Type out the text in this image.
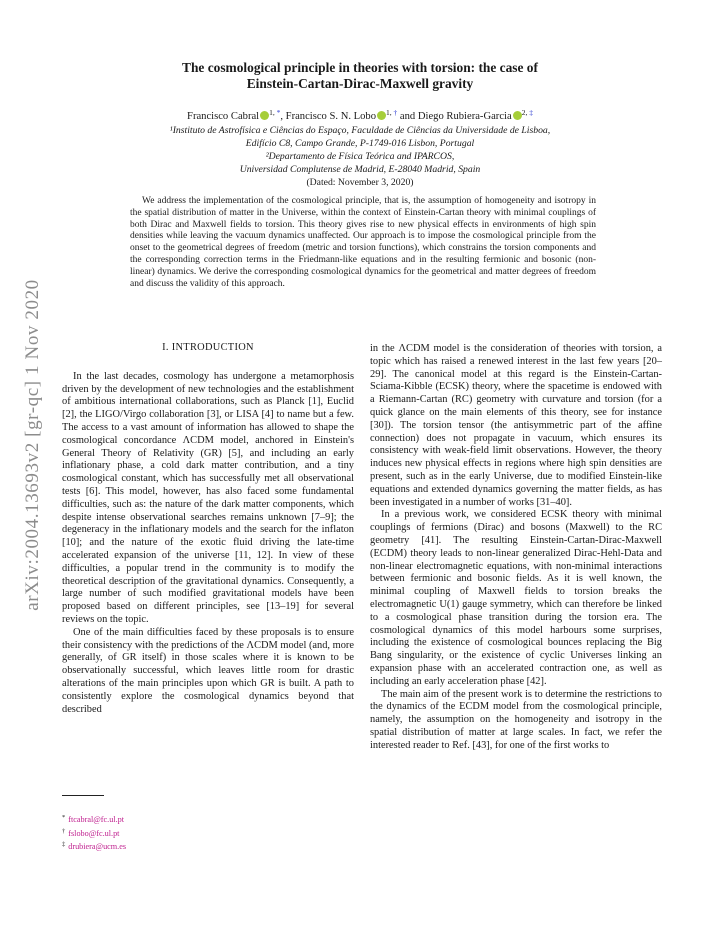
arXiv:2004.13693v2 [gr-qc] 1 Nov 2020
The cosmological principle in theories with torsion: the case of
Einstein-Cartan-Dirac-Maxwell gravity
Francisco Cabral $^{1, *}$, Francisco S. N. Lobo $^{1, \dagger}$ and Diego Rubiera-Garcia $^{2, \ddagger}$
¹Instituto de Astrofísica e Ciências do Espaço, Faculdade de Ciências da Universidade de Lisboa,
Edifício C8, Campo Grande, P-1749-016 Lisbon, Portugal
²Departamento de Física Teórica and IPARCOS,
Universidad Complutense de Madrid, E-28040 Madrid, Spain
(Dated: November 3, 2020)
We address the implementation of the cosmological principle, that is, the assumption of homogeneity and isotropy in the spatial distribution of matter in the Universe, within the context of Einstein-Cartan theory with minimal couplings of both Dirac and Maxwell fields to torsion. This theory gives rise to new physical effects in environments of high spin densities while leaving the vacuum dynamics unaffected. Our approach is to impose the cosmological principle from the onset to the geometrical degrees of freedom (metric and torsion functions), which constrains the torsion components and the corresponding correction terms in the Friedmann-like equations and in the resulting fermionic and bosonic (non-linear) dynamics. We derive the corresponding cosmological dynamics for the geometrical and matter degrees of freedom and discuss the validity of this approach.
I. INTRODUCTION

In the last decades, cosmology has undergone a metamorphosis driven by the development of new technologies and the establishment of ambitious international collaborations, such as Planck [1], Euclid [2], the LIGO/Virgo collaboration [3], or LISA [4] to name but a few. The access to a vast amount of information has allowed to shape the cosmological concordance ΛCDM model, anchored in Einstein's General Theory of Relativity (GR) [5], and including an early inflationary phase, a cold dark matter contribution, and a tiny cosmological constant, which has successfully met all observational tests [6]. This model, however, has also faced some fundamental difficulties, such as: the nature of the dark matter components, which despite intense observational searches remains unknown [7–9]; the degeneracy in the inflationary models and the search for the inflaton [10]; and the nature of the exotic fluid driving the late-time accelerated expansion of the universe [11, 12]. In view of these difficulties, a popular trend in the community is to modify the theoretical description of the gravitational dynamics. Consequently, a large number of such modified gravitational models have been proposed based on different principles, see [13–19] for several reviews on the topic.

One of the main difficulties faced by these proposals is to ensure their consistency with the predictions of the ΛCDM model (and, more generally, of GR itself) in those scales where it is known to be observationally successful, which leaves little room for drastic alterations of the main principles upon which GR is built. A path to consistently explore the cosmological dynamics beyond that described

in the ΛCDM model is the consideration of theories with torsion, a topic which has raised a renewed interest in the last few years [20–29]. The canonical model at this regard is the Einstein-Cartan-Sciama-Kibble (ECSK) theory, where the spacetime is endowed with a Riemann-Cartan (RC) geometry with curvature and torsion (for a quick glance on the main elements of this theory, see for instance [30]). The torsion tensor (the antisymmetric part of the affine connection) does not propagate in vacuum, which ensures its consistency with weak-field limit observations. However, the theory induces new physical effects in regions where high spin densities are present, such as in the early Universe, due to modified Einstein-like equations and extended dynamics governing the matter fields, as has been investigated in a number of works [31–40].

In a previous work, we considered ECSK theory with minimal couplings of fermions (Dirac) and bosons (Maxwell) to the RC geometry [41]. The resulting Einstein-Cartan-Dirac-Maxwell (ECDM) theory leads to non-linear generalized Dirac-Hehl-Data and non-linear electromagnetic equations, with non-minimal interactions between fermionic and bosonic fields. As it is well known, the minimal coupling of Maxwell fields to torsion breaks the electromagnetic U(1) gauge symmetry, which can therefore be linked to a cosmological phase transition during the torsion era. The cosmological dynamics of this model harbours some surprises, including the existence of cosmological bounces replacing the Big Bang singularity, or the existence of cyclic Universes linking an expansion phase with an accelerated contraction one, as well as including an early acceleration phase [42].

The main aim of the present work is to determine the restrictions to the dynamics of the ECDM model from the cosmological principle, namely, the assumption on the homogeneity and isotropy in the spatial distribution of matter at large scales. In fact, we refer the interested reader to Ref. [43], for one of the first works to

* ftcabral@fc.ul.pt
† fslobo@fc.ul.pt
‡ drubiera@ucm.es
